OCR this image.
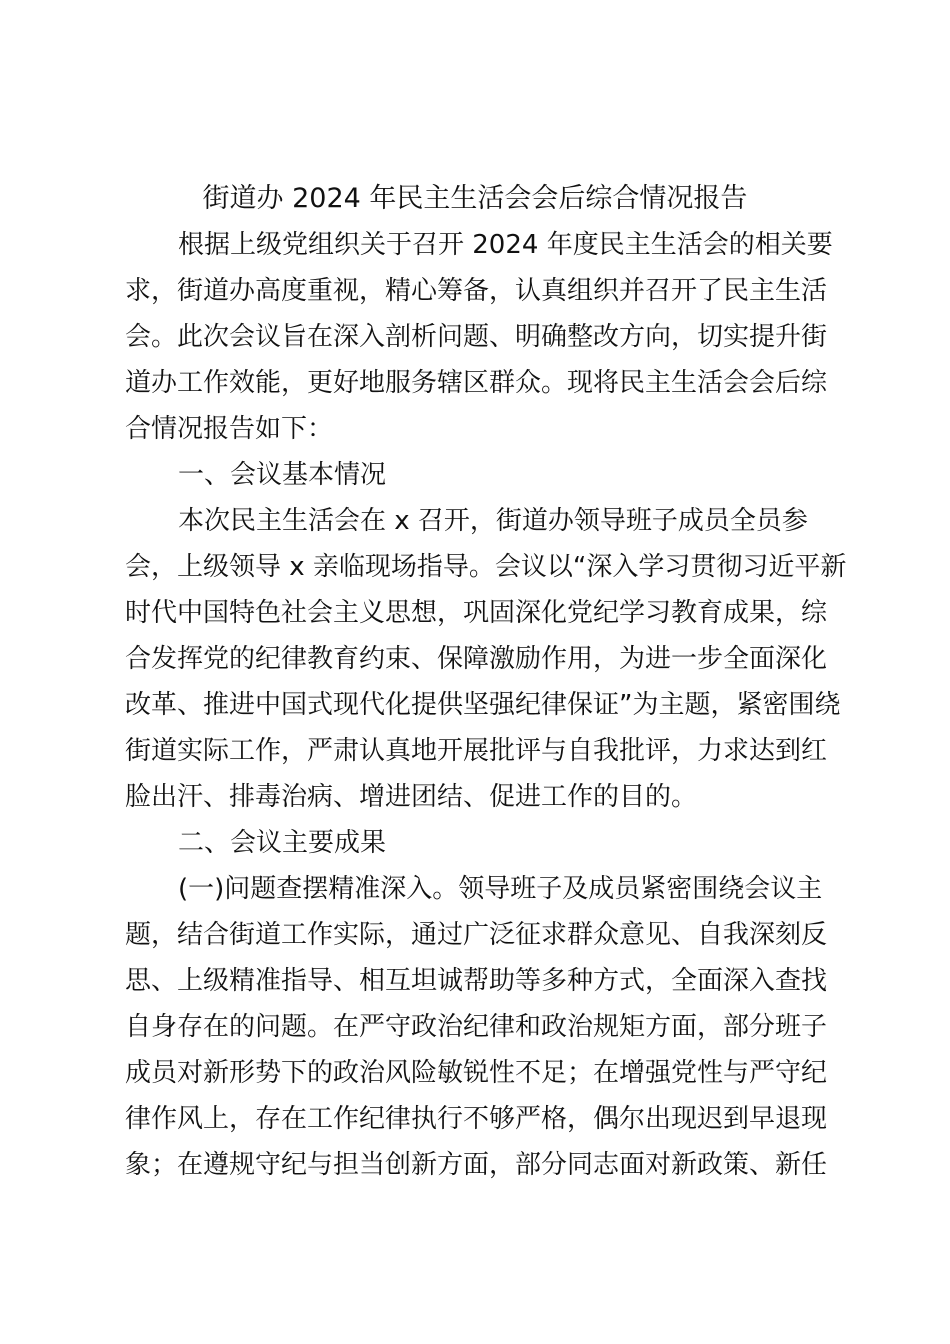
街道办 2024 年民主生活会会后综合情况报告
根据上级党组织关于召开 2024 年度民主生活会的相关要
求，街道办高度重视，精心筹备，认真组织并召开了民主生活
会。此次会议旨在深入剖析问题、明确整改方向，切实提升街
道办工作效能，更好地服务辖区群众。现将民主生活会会后综
合情况报告如下：
一、会议基本情况
本次民主生活会在 x 召开，街道办领导班子成员全员参
会，上级领导 x 亲临现场指导。会议以“深入学习贯彻习近平新
时代中国特色社会主义思想，巩固深化党纪学习教育成果，综
合发挥党的纪律教育约束、保障激励作用，为进一步全面深化
改革、推进中国式现代化提供坚强纪律保证”为主题，紧密围绕
街道实际工作，严肃认真地开展批评与自我批评，力求达到红
脸出汗、排毒治病、增进团结、促进工作的目的。
二、会议主要成果
(一)问题查摆精准深入。领导班子及成员紧密围绕会议主
题，结合街道工作实际，通过广泛征求群众意见、自我深刻反
思、上级精准指导、相互坦诚帮助等多种方式，全面深入查找
自身存在的问题。在严守政治纪律和政治规矩方面，部分班子
成员对新形势下的政治风险敏锐性不足；在增强党性与严守纪
律作风上，存在工作纪律执行不够严格，偶尔出现迟到早退现
象；在遵规守纪与担当创新方面，部分同志面对新政策、新任
